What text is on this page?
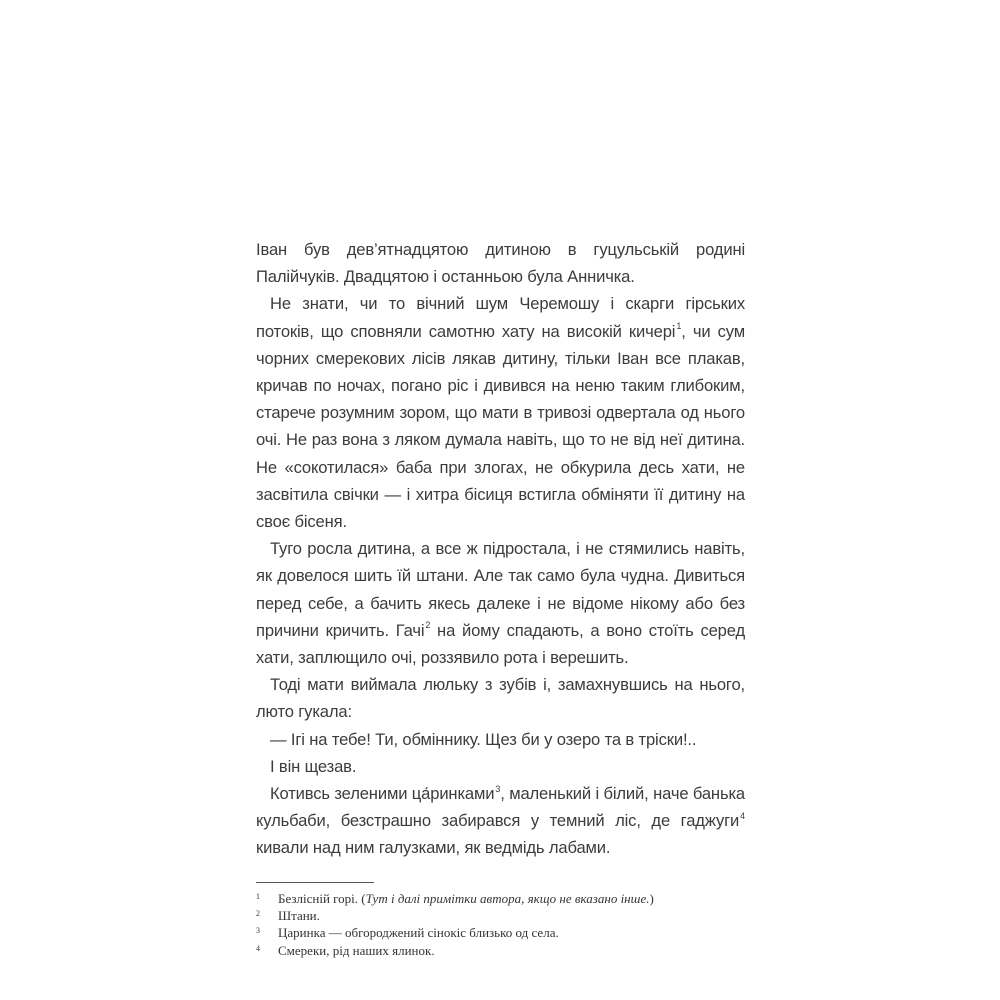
Іван був дев’ятнадцятою дитиною в гуцульській родині Палійчуків. Двадцятою і останньою була Анничка.

Не знати, чи то вічний шум Черемошу і скарги гірських потоків, що сповняли самотню хату на високій кичері$^1$, чи сум чорних смерекових лісів лякав дитину, тільки Іван все плакав, кричав по ночах, погано ріс і дивився на неню таким глибоким, старече розумним зором, що мати в тривозі одвертала од нього очі. Не раз вона з ляком думала навіть, що то не від неї дитина. Не «сокотилася» баба при злогах, не обкурила десь хати, не засвітила свічки — і хитра бісиця встигла обміняти її дитину на своє бісеня.

Туго росла дитина, а все ж підростала, і не стямились навіть, як довелося шить їй штани. Але так само була чудна. Дивиться перед себе, а бачить якесь далеке і не відоме нікому або без причини кричить. Гачі$^2$ на йому спадають, а воно стоїть серед хати, заплющило очі, роззявило рота і верешить.

Тоді мати виймала люльку з зубів і, замахнувшись на нього, люто гукала:

— Ігі на тебе! Ти, обміннику. Щез би у озеро та в тріски!..

І він щезав.

Котивсь зеленими ца́ринками$^3$, маленький і білий, наче банька кульбаби, безстрашно забирався у темний ліс, де гаджуги$^4$ кивали над ним галузками, як ведмідь лабами.

1	Безлісній горі. (Тут і далі примітки автора, якщо не вказано інше.)
2	Штани.
3	Царинка — обгороджений сінокіс близько од села.
4	Смереки, рід наших ялинок.
